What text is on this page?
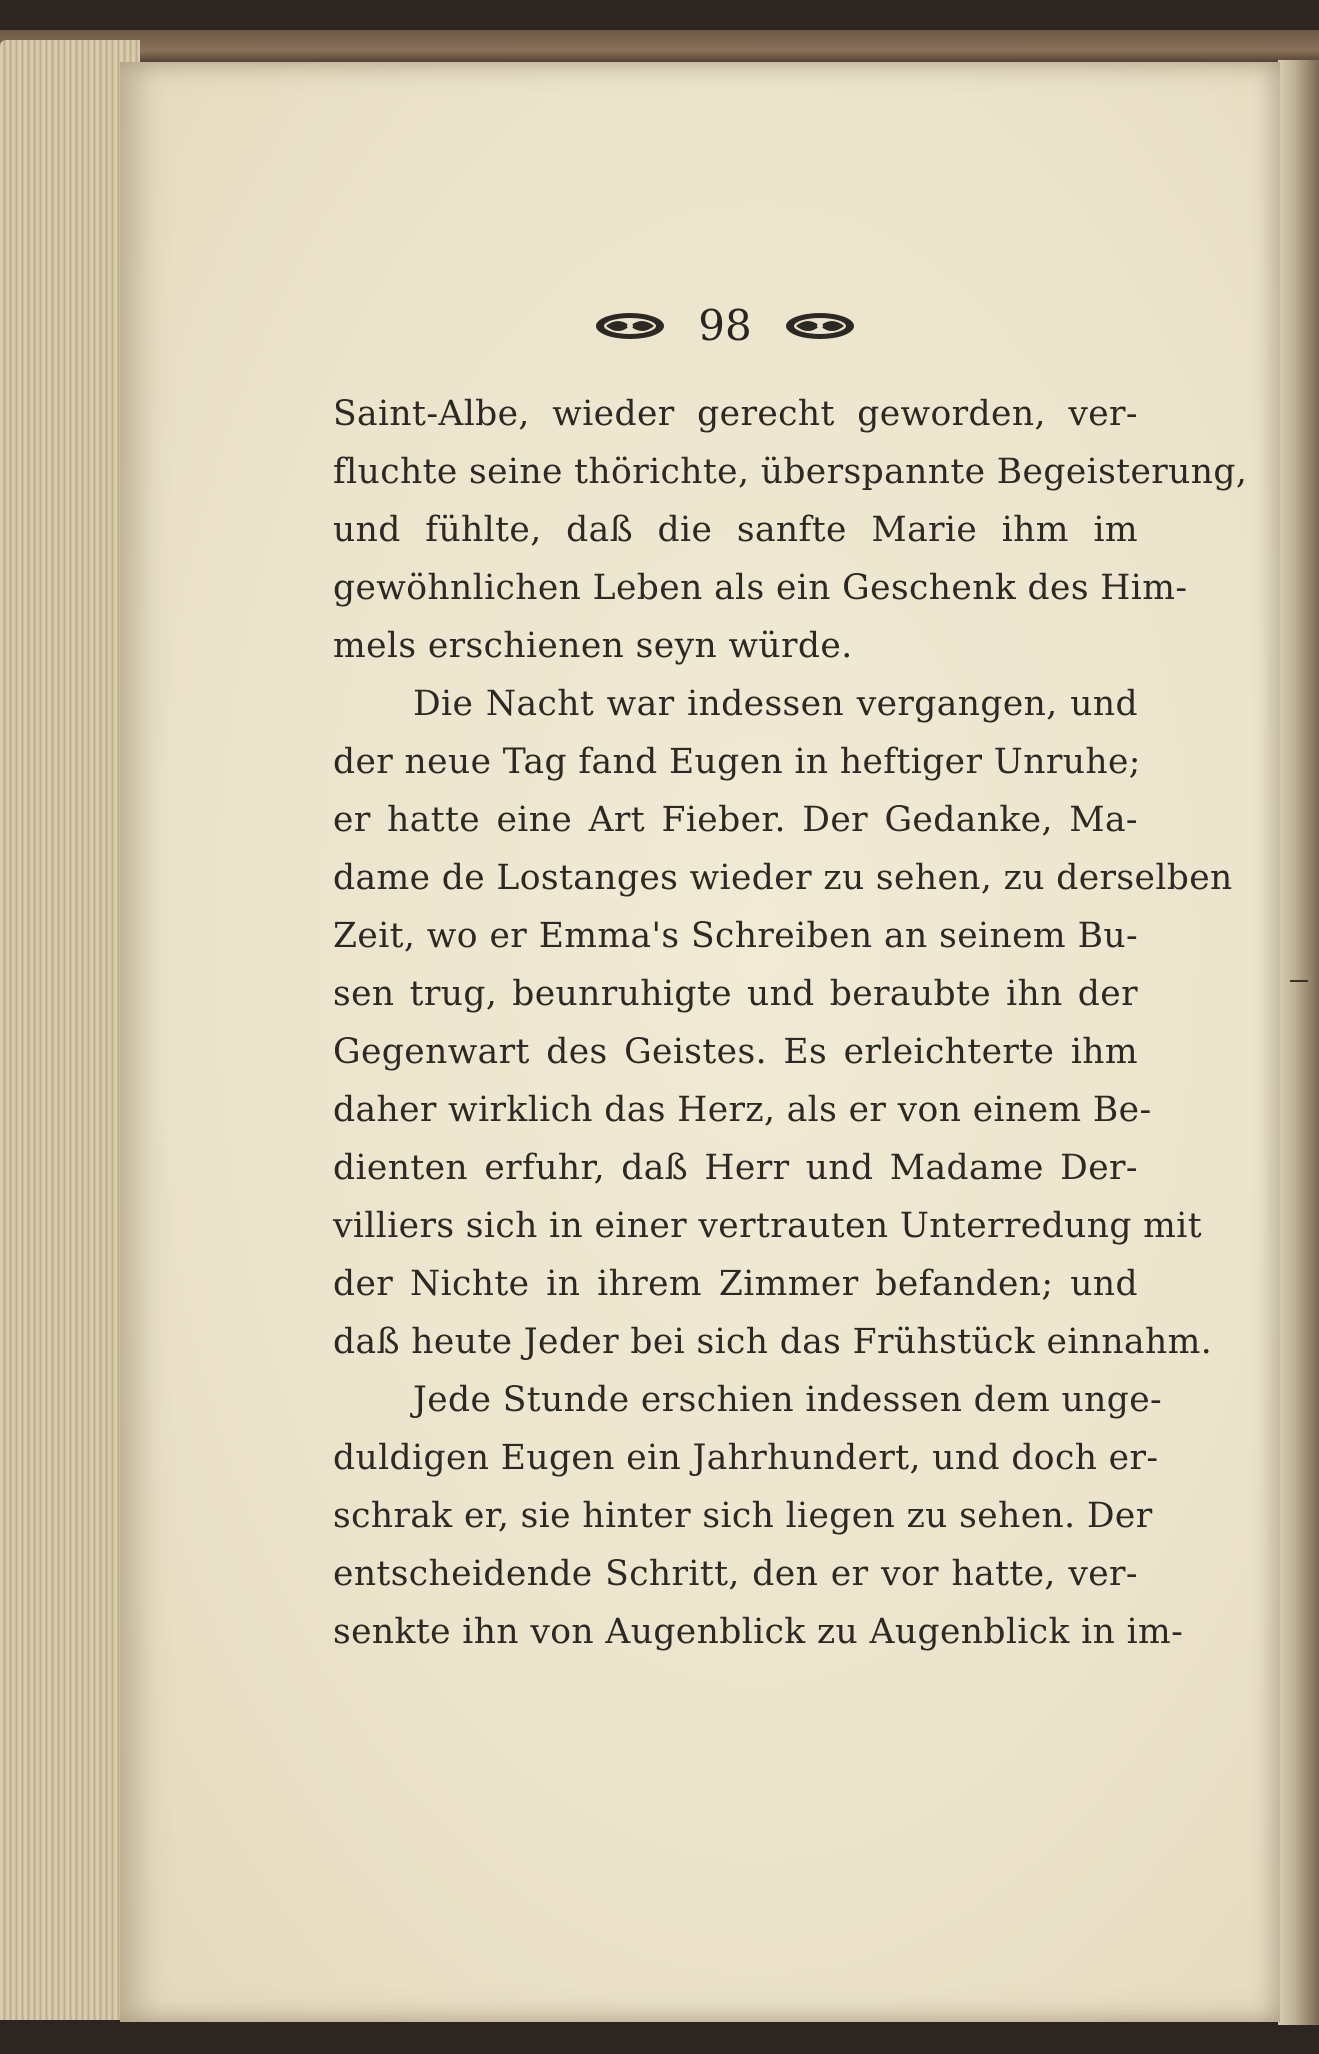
98
Saint-Albe, wieder gerecht geworden, ver-
fluchte seine thörichte, überspannte Begeisterung,
und fühlte, daß die sanfte Marie ihm im
gewöhnlichen Leben als ein Geschenk des Him-
mels erschienen seyn würde.
Die Nacht war indessen vergangen, und
der neue Tag fand Eugen in heftiger Unruhe;
er hatte eine Art Fieber. Der Gedanke, Ma-
dame de Lostanges wieder zu sehen, zu derselben
Zeit, wo er Emma's Schreiben an seinem Bu-
sen trug, beunruhigte und beraubte ihn der
Gegenwart des Geistes. Es erleichterte ihm
daher wirklich das Herz, als er von einem Be-
dienten erfuhr, daß Herr und Madame Der-
villiers sich in einer vertrauten Unterredung mit
der Nichte in ihrem Zimmer befanden; und
daß heute Jeder bei sich das Frühstück einnahm.
Jede Stunde erschien indessen dem unge-
duldigen Eugen ein Jahrhundert, und doch er-
schrak er, sie hinter sich liegen zu sehen. Der
entscheidende Schritt, den er vor hatte, ver-
senkte ihn von Augenblick zu Augenblick in im-
